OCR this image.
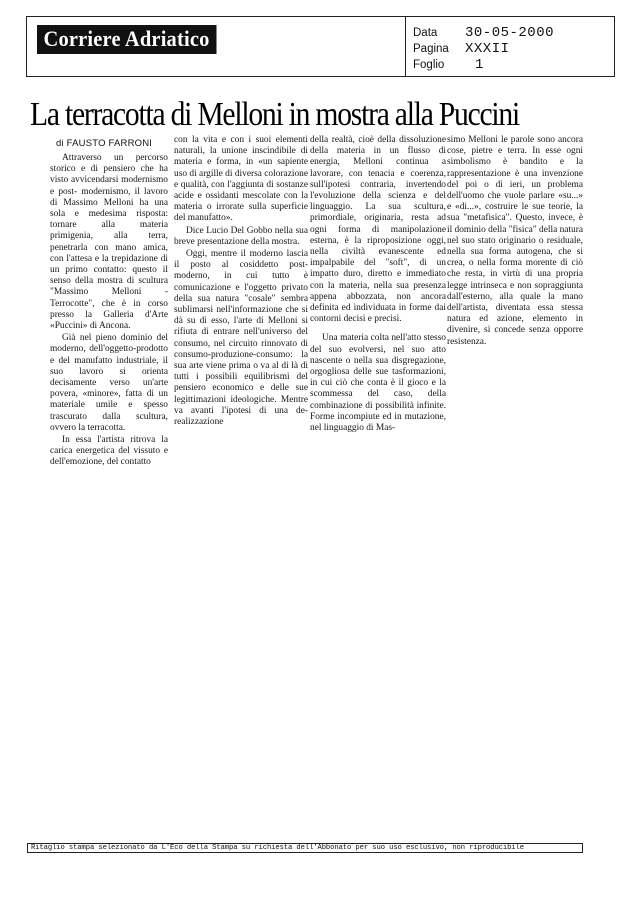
Corriere Adriatico	Data 30-05-2000
Pagina XXXII
Foglio 1
La terracotta di Melloni in mostra alla Puccini
di FAUSTO FARRONI

Attraverso un percorso storico e di pensiero che ha visto avvicendarsi modernismo e post- modernismo, il lavoro di Massimo Melloni ha una sola e medesima risposta: tornare alla materia primigenia, alla terra, penetrarla con mano amica, con l'attesa e la trepidazione di un primo contatto: questo il senso della mostra di scultura "Massimo Melloni - Terrocotte", che è in corso presso la Galleria d'Arte «Puccini» di Ancona.

Già nel pieno dominio del moderno, dell'oggetto-prodotto e del manufatto industriale, il suo lavoro si orienta decisamente verso un'arte povera, «minore», fatta di un materiale umile e spesso trascurato dalla scultura, ovvero la terracotta.

In essa l'artista ritrova la carica energetica del vissuto e dell'emozione, del contatto

con la vita e con i suoi elementi naturali, la unione inscindibile di materia e forma, in «un sapiente uso di argille di diversa colorazione e qualità, con l'aggiunta di sostanze acide e ossidanti mescolate con la materia o irrorate sulla superficie del manufatto».

Dice Lucio Del Gobbo nella sua breve presentazione della mostra.

Oggi, mentre il moderno lascia il posto al cosiddetto post-moderno, in cui tutto è comunicazione e l'oggetto privato della sua natura "cosale" sembra sublimarsi nell'informazione che si dà su di esso, l'arte di Melloni si rifiuta di entrare nell'universo del consumo, nel circuito rinnovato di consumo-produzione-consumo: la sua arte viene prima o va al di là di tutti i possibili equilibrismi del pensiero economico e delle sue legittimazioni ideologiche. Mentre va avanti l'ipotesi di una de-realizzazione

della realtà, cioè della dissoluzione della materia in un flusso di energia, Melloni continua a lavorare, con tenacia e coerenza, sull'ipotesi contraria, invertendo l'evoluzione della scienza e del linguaggio. La sua scultura, primordiale, originaria, resta ad ogni forma di manipolazione esterna, è la riproposizione oggi, nella civiltà evanescente ed impalpabile del "soft", di un impatto duro, diretto e immediato con la materia, nella sua presenza appena abbozzata, non ancora definita ed individuata in forme dai contorni decisi e precisi.

Una materia colta nell'atto stesso del suo evolversi, nel suo atto nascente o nella sua disgregazione, orgogliosa delle sue tasformazioni, in cui ciò che conta è il gioco e la scommessa del caso, della combinazione di possibilità infinite. Forme incompiute ed in mutazione, nel linguaggio di Mas-

simo Melloni le parole sono ancora cose, pietre e terra. In esse ogni simbolismo è bandito e la rappresentazione è una invenzione del poi o di ieri, un problema dell'uomo che vuole parlare «su...» e «di...», costruire le sue teorie, la sua "metafisica". Questo, invece, è il dominio della "fisica" della natura nel suo stato originario o residuale, nella sua forma autogena, che si crea, o nella forma morente di ciò che resta, in virtù di una propria legge intrinseca e non sopraggiunta dall'esterno, alla quale la mano dell'artista, diventata essa stessa natura ed azione, elemento in divenire, si concede senza opporre resistenza.

Ritaglio stampa selezionato da L'Eco della Stampa su richiesta dell'Abbonato per suo uso esclusivo, non riproducibile
